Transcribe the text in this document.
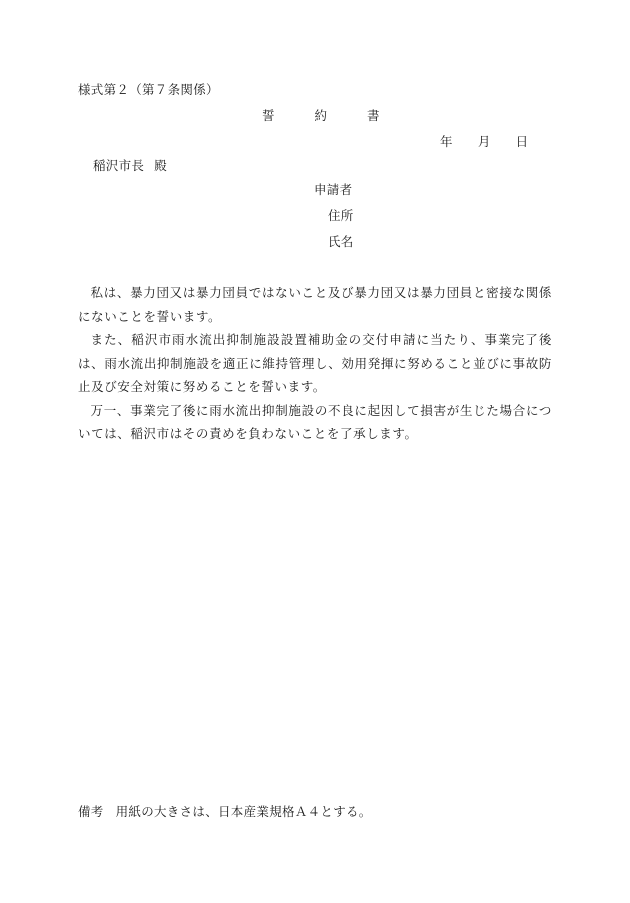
様式第２（第７条関係）
誓	約	書
年 月 日
稲沢市長 殿
申請者
住所
氏名

私は、暴力団又は暴力団員ではないこと及び暴力団又は暴力団員と密接な関係にないことを誓います。

また、稲沢市雨水流出抑制施設設置補助金の交付申請に当たり、事業完了後は、雨水流出抑制施設を適正に維持管理し、効用発揮に努めること並びに事故防止及び安全対策に努めることを誓います。

万一、事業完了後に雨水流出抑制施設の不良に起因して損害が生じた場合については、稲沢市はその責めを負わないことを了承します。

備考 用紙の大きさは、日本産業規格Ａ４とする。
